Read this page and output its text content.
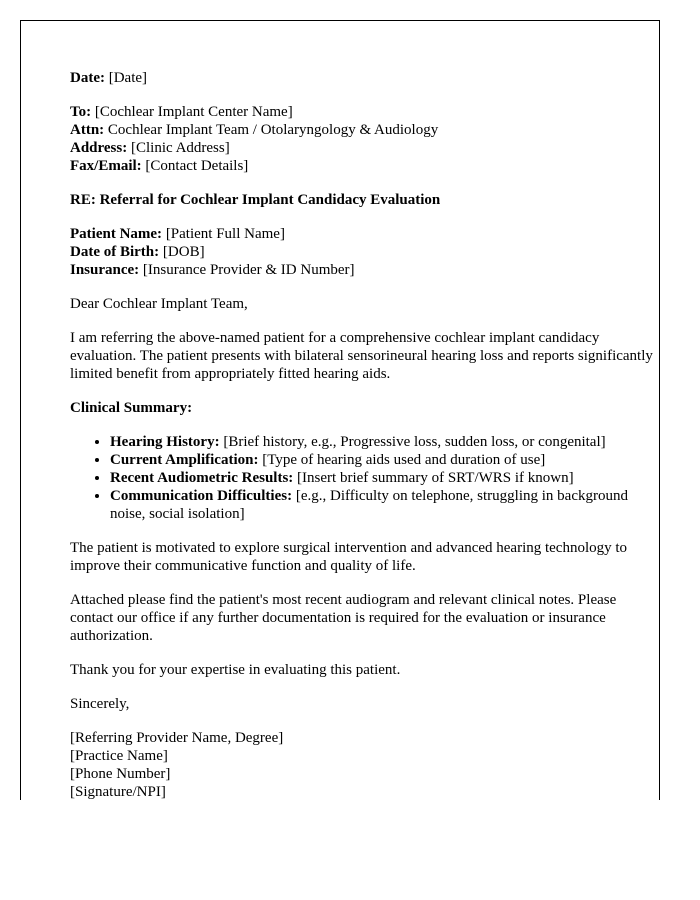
Date: [Date]

To: [Cochlear Implant Center Name]
Attn: Cochlear Implant Team / Otolaryngology & Audiology
Address: [Clinic Address]
Fax/Email: [Contact Details]

RE: Referral for Cochlear Implant Candidacy Evaluation

Patient Name: [Patient Full Name]
Date of Birth: [DOB]
Insurance: [Insurance Provider & ID Number]

Dear Cochlear Implant Team,

I am referring the above-named patient for a comprehensive cochlear implant candidacy evaluation. The patient presents with bilateral sensorineural hearing loss and reports significantly limited benefit from appropriately fitted hearing aids.

Clinical Summary:

• Hearing History: [Brief history, e.g., Progressive loss, sudden loss, or congenital]
• Current Amplification: [Type of hearing aids used and duration of use]
• Recent Audiometric Results: [Insert brief summary of SRT/WRS if known]
• Communication Difficulties: [e.g., Difficulty on telephone, struggling in background noise, social isolation]

The patient is motivated to explore surgical intervention and advanced hearing technology to improve their communicative function and quality of life.

Attached please find the patient's most recent audiogram and relevant clinical notes. Please contact our office if any further documentation is required for the evaluation or insurance authorization.

Thank you for your expertise in evaluating this patient.

Sincerely,

[Referring Provider Name, Degree]
[Practice Name]
[Phone Number]
[Signature/NPI]
